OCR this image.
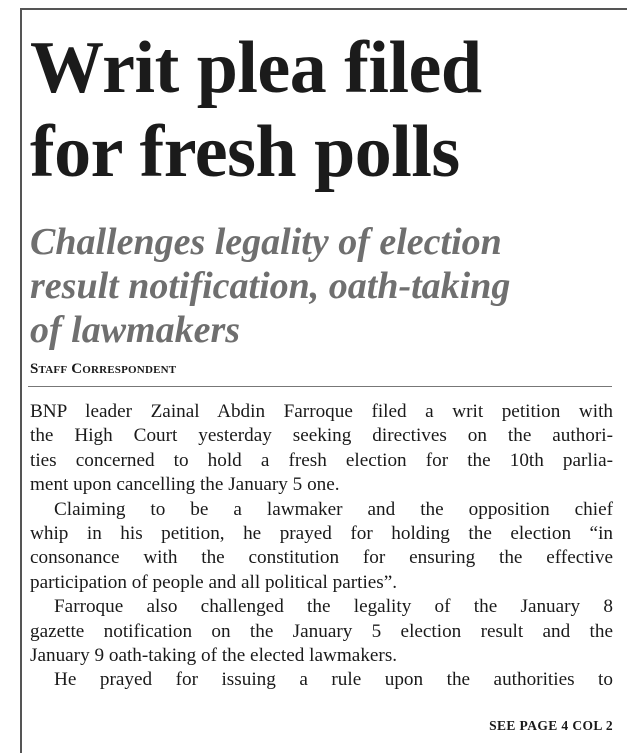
Writ plea filed
for fresh polls
Challenges legality of election
result notification, oath-taking
of lawmakers

Staff Correspondent

BNP leader Zainal Abdin Farroque filed a writ petition with
the High Court yesterday seeking directives on the authori-
ties concerned to hold a fresh election for the 10th parlia-
ment upon cancelling the January 5 one.
Claiming to be a lawmaker and the opposition chief
whip in his petition, he prayed for holding the election “in
consonance with the constitution for ensuring the effective
participation of people and all political parties”.
Farroque also challenged the legality of the January 8
gazette notification on the January 5 election result and the
January 9 oath-taking of the elected lawmakers.
He prayed for issuing a rule upon the authorities to

SEE PAGE 4 COL 2
